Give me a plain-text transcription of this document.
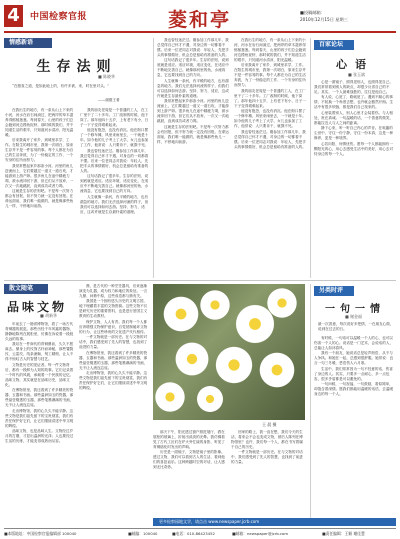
4	中国检察官报	菱和亭	■投稿邮箱：
2010年12月15日 星期三
情感新语
生存法则
■ 陈晓华
“在猎食之道，是如此地上的，有许多被，来，时在里对头。”
——谢德王著

在我出生的地方，有一条从山上下来的小河，河水在岩石间淌过，把两岸的草木滋养得郁郁葱葱。每到春天，山里的孩子们总会跑到河边摸鱼捉虾，那时候的我们，并不知道生活的艰辛，只知道河水清凉、阳光温暖。

后来我离开了家乡，到城里求学、工作。在陌生的城市里，我第一次明白，原来生存并不是一件容易的事。每个人都在为自己的生活奔波，为了一份稳定的工作、一个安身的住所而努力。

我常常想起家乡那条小河。河里的鱼儿逆流而上，它们要越过一道又一道石坎，才能游到上游产卵。很多鱼儿在途中精疲力竭，被水流冲回下游，但它们从不放弃，一次又一次地跳跃，直到成功或者力竭。

这就是生存的法则吧。不是每一次努力都会有回报，但不努力就一定没有回报。在命运面前，我们唯一能做的，就是像那些鱼儿一样，不停地向前游。

我的朋友老周是一个普通的工人，在工厂里干了二十多年。工厂改制的时候，他下岗了。那年他四十五岁，上有老下有小，日子一下子变得艰难起来。

他没有抱怨，也没有消沉。他在街口摆了一个修车摊，风里来雨里去，一干就是十年。如今他的儿子考上了大学，女儿也参加了工作，他常说：人只要肯干，就饿不死。

我也曾经迷茫过。刚参加工作那几年，我总觉得自己怀才不遇，对身边的一切都看不惯。后来一位老同志对我说：年轻人，先把手头的事情做好，机会总是留给有准备的人的。

这句话我记了很多年。生存的法则，说到底就是适应。适应环境，适应变化，在适应中不断地完善自己。就像那河里的鱼，水流再急，它也要找到自己的方向。

人生就像一条河，有平缓的地方，也有湍急的地方。我们无法选择河流的样子，但我们可以选择如何去游。坚持、努力、适应，这或许就是生存最朴素的道理。

我也曾经迷茫过。刚参加工作那几年，我总觉得自己怀才不遇，对身边的一切都看不惯。后来一位老同志对我说：年轻人，先把手头的事情做好，机会总是留给有准备的人的。

这句话我记了很多年。生存的法则，说到底就是适应。适应环境，适应变化，在适应中不断地完善自己。就像那河里的鱼，水流再急，它也要找到自己的方向。

人生就像一条河，有平缓的地方，也有湍急的地方。我们无法选择河流的样子，但我们可以选择如何去游。坚持、努力、适应，这或许就是生存最朴素的道理。

我常常想起家乡那条小河。河里的鱼儿逆流而上，它们要越过一道又一道石坎，才能游到上游产卵。很多鱼儿在途中精疲力竭，被水流冲回下游，但它们从不放弃，一次又一次地跳跃，直到成功或者力竭。

这就是生存的法则吧。不是每一次努力都会有回报，但不努力就一定没有回报。在命运面前，我们唯一能做的，就是像那些鱼儿一样，不停地向前游。

在我出生的地方，有一条从山上下来的小河，河水在岩石间淌过，把两岸的草木滋养得郁郁葱葱。每到春天，山里的孩子们总会跑到河边摸鱼捉虾，那时候的我们，并不知道生活的艰辛，只知道河水清凉、阳光温暖。

后来我离开了家乡，到城里求学、工作。在陌生的城市里，我第一次明白，原来生存并不是一件容易的事。每个人都在为自己的生活奔波，为了一份稳定的工作、一个安身的住所而努力。

我的朋友老周是一个普通的工人，在工厂里干了二十多年。工厂改制的时候，他下岗了。那年他四十五岁，上有老下有小，日子一下子变得艰难起来。

他没有抱怨，也没有消沉。他在街口摆了一个修车摊，风里来雨里去，一干就是十年。如今他的儿子考上了大学，女儿也参加了工作，他常说：人只要肯干，就饿不死。

我也曾经迷茫过。刚参加工作那几年，我总觉得自己怀才不遇，对身边的一切都看不惯。后来一位老同志对我说：年轻人，先把手头的事情做好，机会总是留给有准备的人的。

百家论坛
心语
■ 张玉斌

心是一面镜子，照得见别人，也照得见自己。我们常常看到别人的缺点，却很少反省自己的不足。其实，一个人最难战胜的，往往是他自己。

有人说，心宽了，路就宽了。遇到不顺心的事情，不妨换一个角度去想，也许就会豁然开朗。生活中有很多烦恼，都是我们自己找来的。

心里装着别人，别人心里才会装着你。与人相处，贵在真诚。一句温暖的话，一个善意的微笑，都能拉近人与人之间的距离。

静下心来，听一听自己内心的声音。在喧嚣的尘世中，守住一份宁静，守住一份本真，这是一种修养，更是一种境界。

心若向阳，何惧忧伤。愿每一个人都能拥有一颗阳光的心，用心去感受生活中的美好，用心去对待身边的每一个人。

散文随笔
品味文物
■ 胡新华

年前去了一趟省博物馆，看了一场古代青铜器的展览。那些历经千年风霜的器物，静静地陈列在展柜里，仿佛在诉说着一段段久远的故事。

我站在一件商代的青铜鼎前，久久不愿离去。鼎身上的纹饰古朴而神秘，那些饕餮纹、云雷纹，线条流畅，刻工精细，让人不得不惊叹古人的智慧与技艺。

文物是历史的见证者。每一件文物背后，都有一段鲜为人知的故事。它们记录着一个时代的风貌，承载着一个民族的记忆。品味文物，其实就是在品味历史，品味文化。

在博物馆里，我还看到了许多精美的瓷器、玉器和书画。那些温润如玉的瓷器，那些晶莹剔透的玉器，那些笔墨淋漓的书画，无不让人流连忘返。

走出博物馆，我的心久久不能平静。这些文物是我们祖先留下的宝贵财富，我们有责任保护好它们，让它们继续讲述中华文明的辉煌。

品味文物，也是品味人生。文物经过岁月的打磨，才显出温润的光泽；人也要经过生活的历练，才能变得成熟而从容。

鼎，是古代的一种烹饪器具，后来逐渐演变为礼器，成为权力和地位的象征。一言九鼎、问鼎中原，这些成语都与鼎有关。

我国是一个拥有悠久历史的文明古国，地下埋藏着丰富的文物资源。这些文物不仅是研究历史的重要资料，也是进行爱国主义教育的生动教材。

保护文物，人人有责。我们每一个人都应该增强文物保护意识，自觉抵制破坏文物的行为，让这些珍贵的文化遗产代代相传。

一件文物就是一部历史。在与文物的对话中，我们感受到了先人的智慧，也找到了前进的力量。

在博物馆里，我还看到了许多精美的瓷器、玉器和书画。那些温润如玉的瓷器，那些晶莹剔透的玉器，那些笔墨淋漓的书画，无不让人流连忘返。

走出博物馆，我的心久久不能平静。这些文物是我们祖先留下的宝贵财富，我们有责任保护好它们，让它们继续讲述中华文明的辉煌。

王 晨 摄

那天下午，阳光透过窗户照进展厅，洒在展柜的玻璃上，折射出淡淡的光晕。我仿佛看见了古代工匠们在炉火旁忙碌的身影，听见了青铜熔化时发出的声响。

历史是一面镜子，文物是镜子里的影像。透过文物，我们可以看到古人的生活，看到他们的喜怒哀乐。这种跨越时空的对话，让人感到无比奇妙。

回家的路上，我一直在想，我们今天的生活，将来会不会也变成文物，被后人陈列在博物馆里？也许，我们每一个人，都在书写着属于自己的历史。

一件文物就是一部历史。在与文物的对话中，我们感受到了先人的智慧，也找到了前进的力量。

另类时评
一句一情
■ 谢金福
最一次善意，每次说好多把情，一在朋友心做，说到在过去的日。

有时候，一句话可以温暖一个人的心，也可以伤害一个人的心。说话是一门艺术，会说话的人，总能让人如沐春风。

我有一个朋友，她说话总是轻声细语，从不与人争执。和她在一起，总感到很舒服。她常说：良言一句三冬暖，恶语伤人六月寒。

生活中，我们常常因为一句不经意的话，伤害了身边的人。其实，只要多一点耐心，多一点包容，很多矛盾都是可以避免的。

一句问候，一句祝福，一句鼓励，看似简单，却饱含着深情。愿我们都能用温暖的话语，去温暖身边的每一个人。

更多检察园地文学，请点击 www.newspaper.jcrb.com
■本版地址：中国检察官报编辑部 100040	■邮编：100040	■电话：010-86423452	■邮箱：newspaper@jcrb.com	■责任编辑：王颖 谢佳慧
